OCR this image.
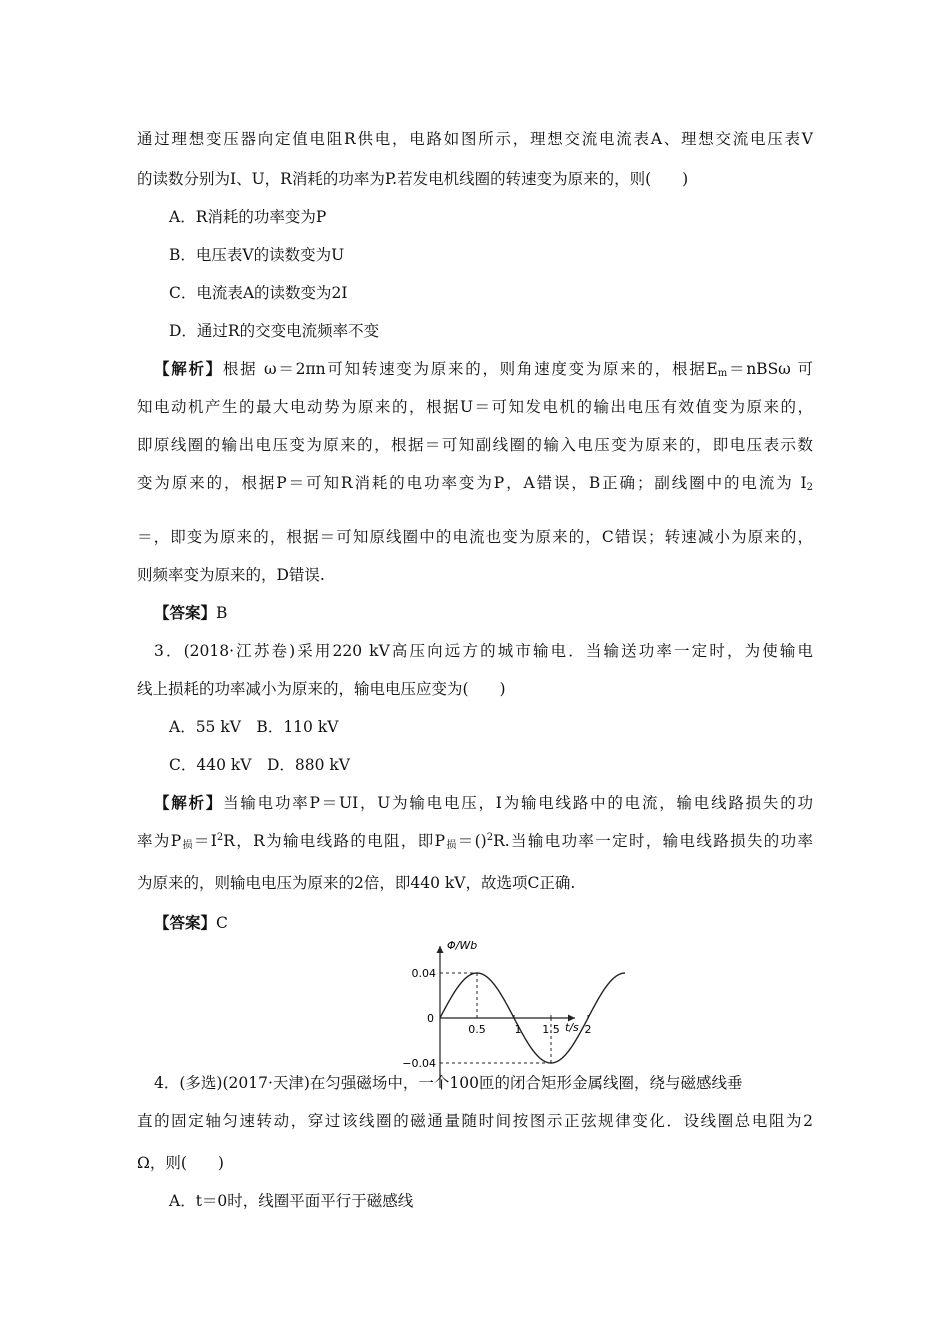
通过理想变压器向定值电阻R供电，电路如图所示，理想交流电流表A、理想交流电压表V
的读数分别为I、U，R消耗的功率为P.若发电机线圈的转速变为原来的，则(　　)
A．R消耗的功率变为P
B．电压表V的读数变为U
C．电流表A的读数变为2I
D．通过R的交变电流频率不变
【解析】根据 ω＝2πn可知转速变为原来的，则角速度变为原来的，根据$E_m=nBS\omega$ 可
知电动机产生的最大电动势为原来的，根据U＝可知发电机的输出电压有效值变为原来的，
即原线圈的输出电压变为原来的，根据＝可知副线圈的输入电压变为原来的，即电压表示数
变为原来的，根据P＝可知R消耗的电功率变为P，A错误，B正确；副线圈中的电流为 $I_2$
＝，即变为原来的，根据＝可知原线圈中的电流也变为原来的，C错误；转速减小为原来的，
则频率变为原来的，D错误.
【答案】B
3．(2018·江苏卷)采用220 kV高压向远方的城市输电．当输送功率一定时，为使输电
线上损耗的功率减小为原来的，输电电压应变为(　　)
A．55 kV　B．110 kV
C．440 kV　D．880 kV
【解析】当输电功率P＝UI，U为输电电压，I为输电线路中的电流，输电线路损失的功
率为$P_损=I^2R$，R为输电线路的电阻，即$P_损=()^2R$.当输电功率一定时，输电线路损失的功率
为原来的，则输电电压为原来的2倍，即440 kV，故选项C正确.
【答案】C
Φ/Wb
t/s
0.04
0
−0.04
0.5	1 1.5 2
4．(多选)(2017·天津)在匀强磁场中，一个100匝的闭合矩形金属线圈，绕与磁感线垂
直的固定轴匀速转动，穿过该线圈的磁通量随时间按图示正弦规律变化．设线圈总电阻为2
Ω，则(　　)
A．t＝0时，线圈平面平行于磁感线
